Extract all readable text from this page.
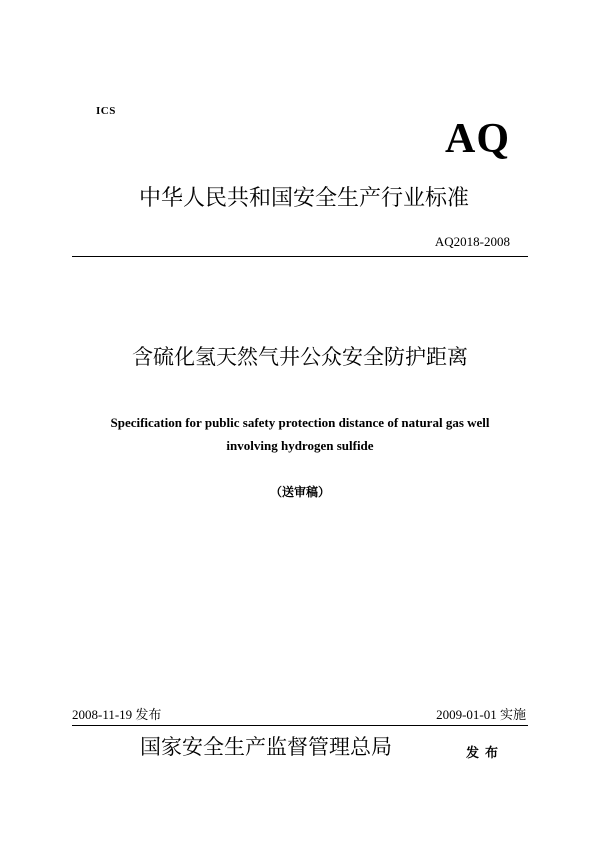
ICS
AQ
中华人民共和国安全生产行业标准
AQ2018-2008
含硫化氢天然气井公众安全防护距离
Specification for public safety protection distance of natural gas well
involving hydrogen sulfide
（送审稿）
2008-11-19 发布	2009-01-01 实施
国家安全生产监督管理总局	发布
